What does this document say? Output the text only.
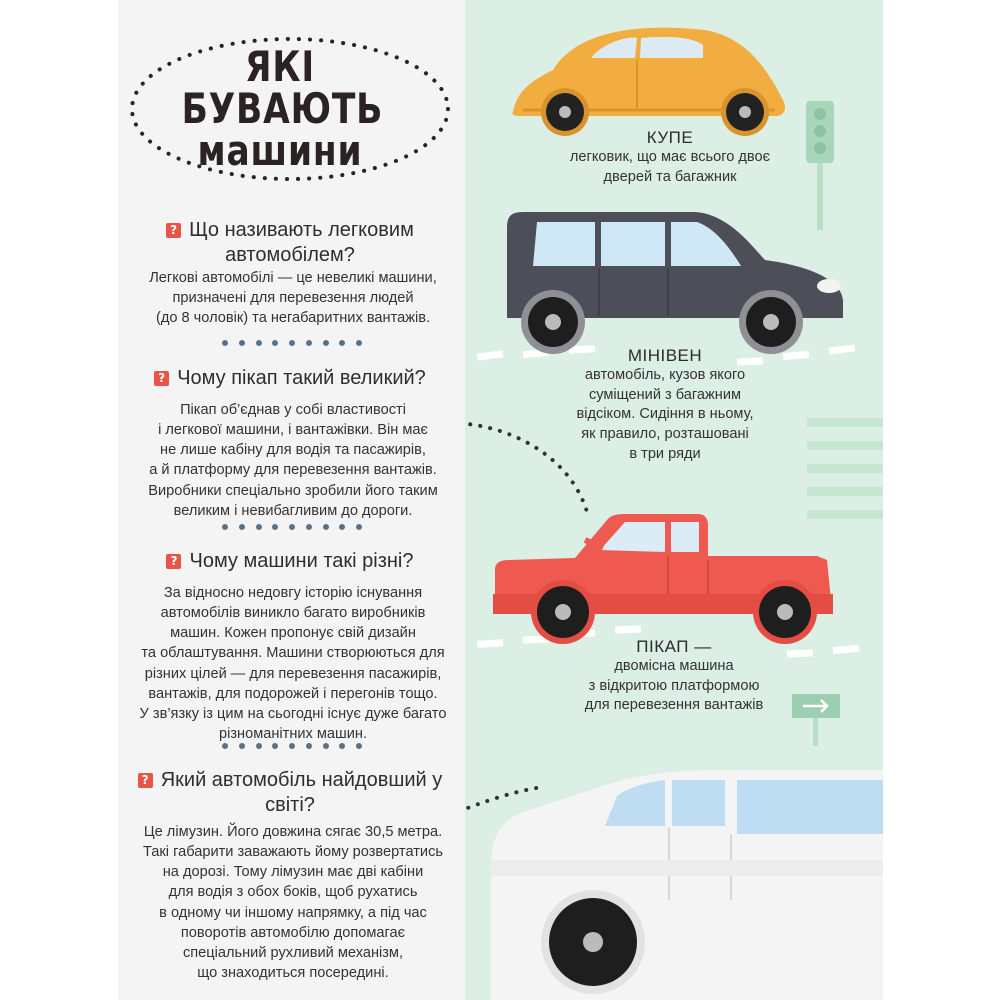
КУПЕ
легковик, що має всього двоє
дверей та багажник
МІНІВЕН
автомобіль, кузов якого
суміщений з багажним
відсіком. Сидіння в ньому,
як правило, розташовані
в три ряди
ПІКАП —
двомісна машина
з відкритою платформою
для перевезення вантажів
ЯКІ
БУВАЮТЬ
машини
? Що називають легковим автомобілем?
Легкові автомобілі — це невеликі машини,
призначені для перевезення людей
(до 8 чоловік) та негабаритних вантажів.
? Чому пікап такий великий?
Пікап об’єднав у собі властивості
і легкової машини, і вантажівки. Він має
не лише кабіну для водія та пасажирів,
а й платформу для перевезення вантажів.
Виробники спеціально зробили його таким
великим і невибагливим до дороги.
? Чому машини такі різні?
За відносно недовгу історію існування
автомобілів виникло багато виробників
машин. Кожен пропонує свій дизайн
та облаштування. Машини створюються для
різних цілей — для перевезення пасажирів,
вантажів, для подорожей і перегонів тощо.
У зв’язку із цим на сьогодні існує дуже багато
різноманітних машин.
? Який автомобіль найдовший у світі?
Це лімузин. Його довжина сягає 30,5 метра.
Такі габарити заважають йому розвертатись
на дорозі. Тому лімузин має дві кабіни
для водія з обох боків, щоб рухатись
в одному чи іншому напрямку, а під час
поворотів автомобілю допомагає
спеціальний рухливий механізм,
що знаходиться посередині.
